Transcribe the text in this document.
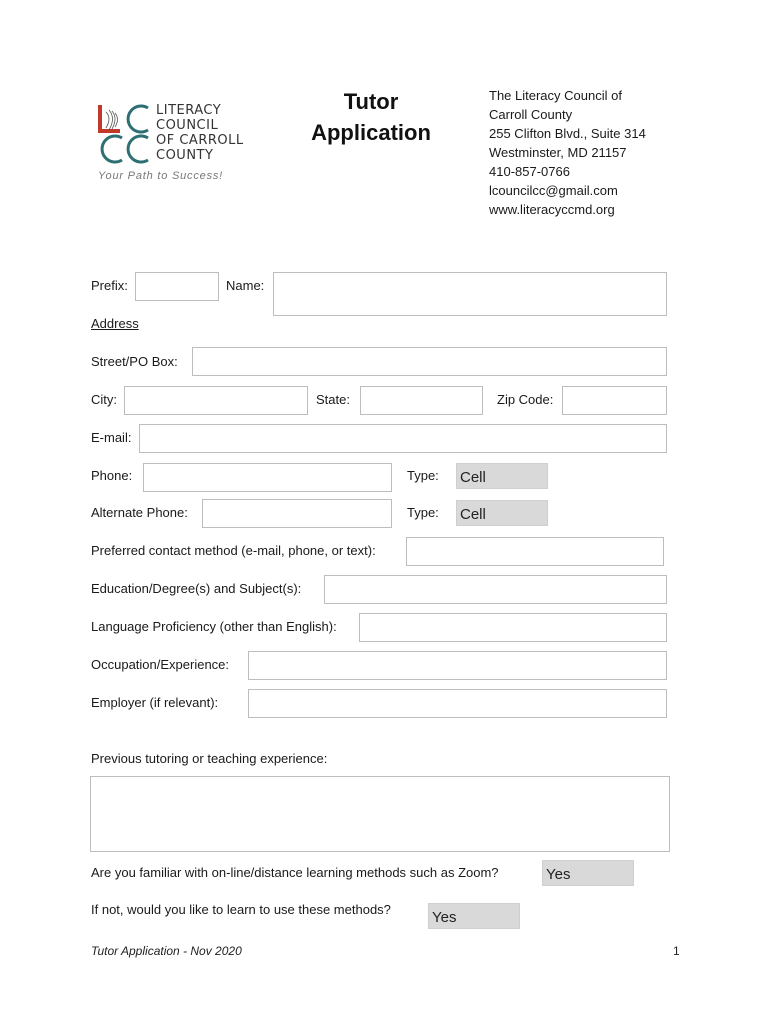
LITERACY
COUNCIL
OF CARROLL
COUNTY
Your Path to Success!
Tutor
Application
The Literacy Council of
Carroll County
255 Clifton Blvd., Suite 314
Westminster, MD 21157
410-857-0766
lcouncilcc@gmail.com
www.literacyccmd.org
Prefix:	Name:
Address
Street/PO Box:
City:	State:	Zip Code:
E-mail:
Phone:	Type: Cell
Alternate Phone:	Type: Cell
Preferred contact method (e-mail, phone, or text):
Education/Degree(s) and Subject(s):
Language Proficiency (other than English):
Occupation/Experience:
Employer (if relevant):
Previous tutoring or teaching experience:
Are you familiar with on-line/distance learning methods such as Zoom?	Yes
If not, would you like to learn to use these methods?	Yes
Tutor Application - Nov 2020	1
